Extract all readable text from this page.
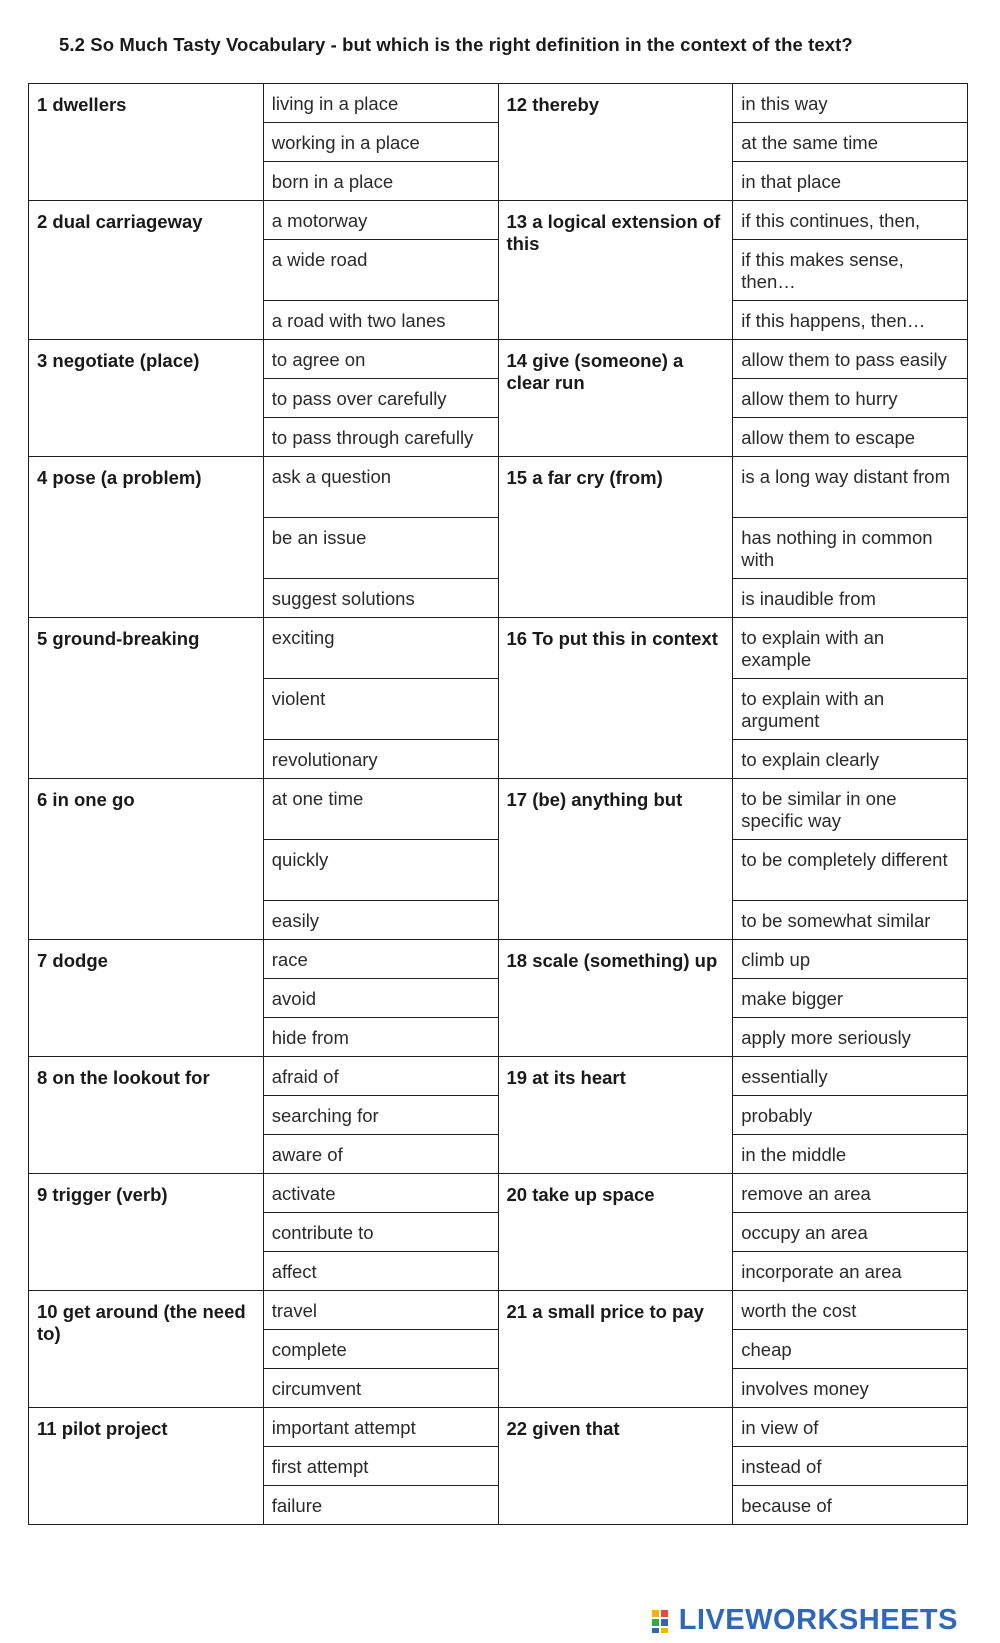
5.2 So Much Tasty Vocabulary - but which is the right definition in the context of the text?
1 dwellers	living in a place	12 thereby	in this way
	working in a place		at the same time
	born in a place		in that place
2 dual carriageway	a motorway	13 a logical extension of this	if this continues, then,
	a wide road		if this makes sense, then…
	a road with two lanes		if this happens, then…
3 negotiate (place)	to agree on	14 give (someone) a clear run	allow them to pass easily
	to pass over carefully		allow them to hurry
	to pass through carefully		allow them to escape
4 pose (a problem)	ask a question	15 a far cry (from)	is a long way distant from
	be an issue		has nothing in common with
	suggest solutions		is inaudible from
5 ground-breaking	exciting	16 To put this in context	to explain with an example
	violent		to explain with an argument
	revolutionary		to explain clearly
6 in one go	at one time	17 (be) anything but	to be similar in one specific way
	quickly		to be completely different
	easily		to be somewhat similar
7 dodge	race	18 scale (something) up	climb up
	avoid		make bigger
	hide from		apply more seriously
8 on the lookout for	afraid of	19 at its heart	essentially
	searching for		probably
	aware of		in the middle
9 trigger (verb)	activate	20 take up space	remove an area
	contribute to		occupy an area
	affect		incorporate an area
10 get around (the need to)	travel	21 a small price to pay	worth the cost
	complete		cheap
	circumvent		involves money
11 pilot project	important attempt	22 given that	in view of
	first attempt		instead of
	failure		because of
LIVEWORKSHEETS
